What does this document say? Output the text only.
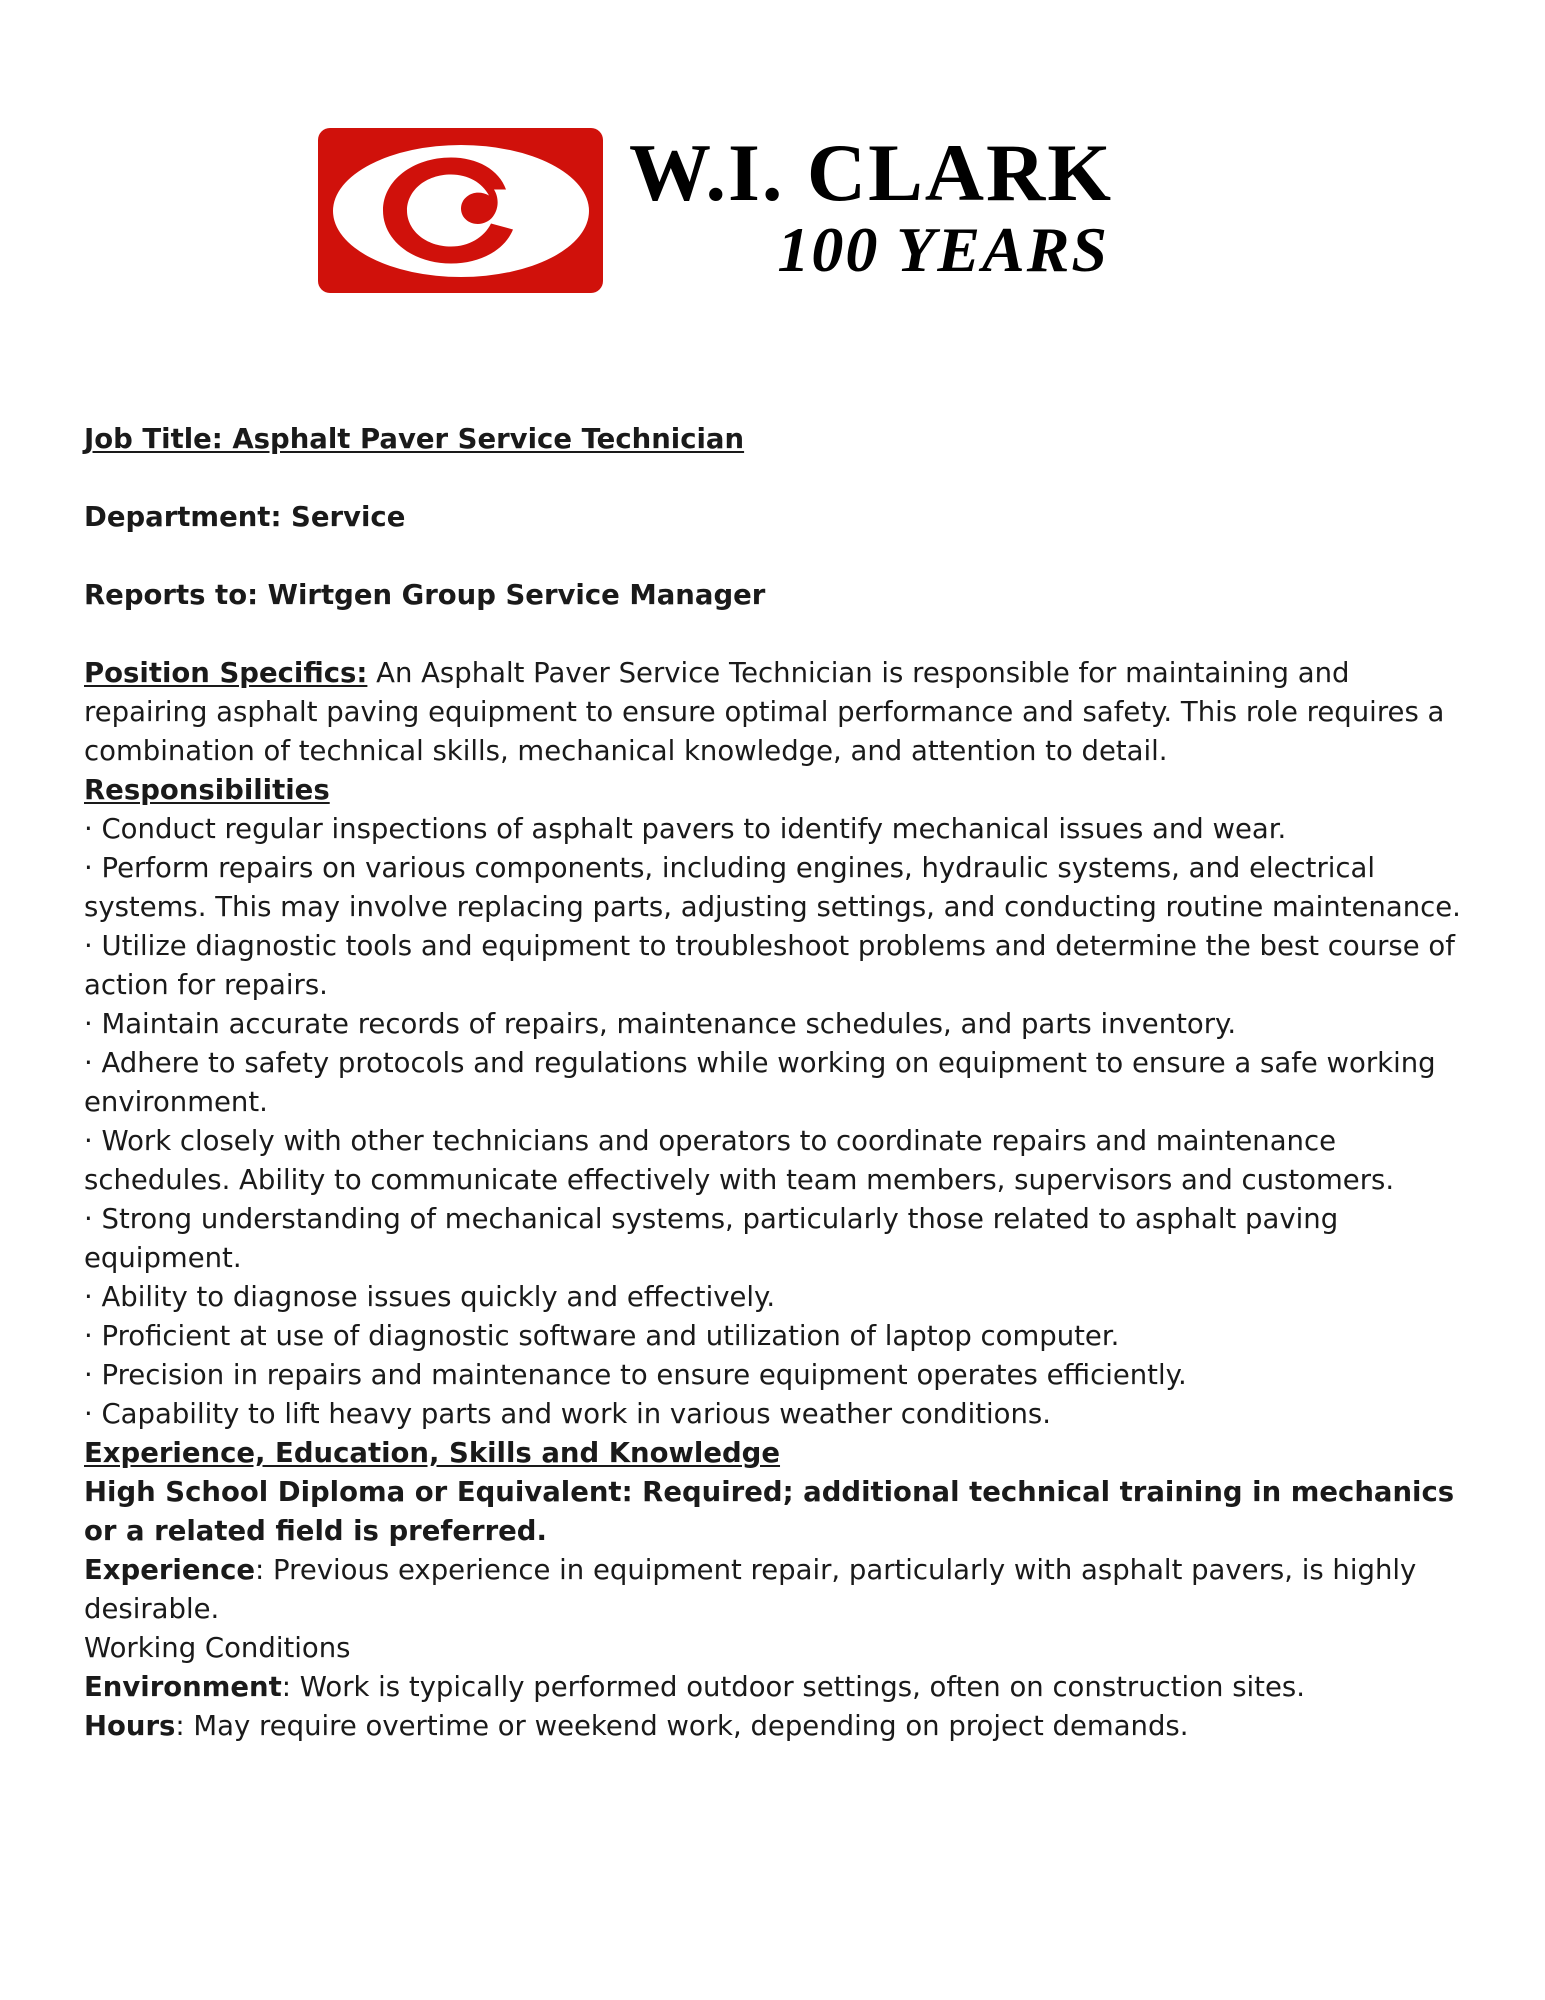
W.I. CLARK
100 YEARS

Job Title: Asphalt Paver Service Technician

Department: Service

Reports to: Wirtgen Group Service Manager

Position Specifics: An Asphalt Paver Service Technician is responsible for maintaining and repairing asphalt paving equipment to ensure optimal performance and safety. This role requires a combination of technical skills, mechanical knowledge, and attention to detail.

Responsibilities

· Conduct regular inspections of asphalt pavers to identify mechanical issues and wear.

· Perform repairs on various components, including engines, hydraulic systems, and electrical systems. This may involve replacing parts, adjusting settings, and conducting routine maintenance.

· Utilize diagnostic tools and equipment to troubleshoot problems and determine the best course of action for repairs.

· Maintain accurate records of repairs, maintenance schedules, and parts inventory.

· Adhere to safety protocols and regulations while working on equipment to ensure a safe working environment.

· Work closely with other technicians and operators to coordinate repairs and maintenance schedules. Ability to communicate effectively with team members, supervisors and customers.

· Strong understanding of mechanical systems, particularly those related to asphalt paving equipment.

· Ability to diagnose issues quickly and effectively.

· Proficient at use of diagnostic software and utilization of laptop computer.

· Precision in repairs and maintenance to ensure equipment operates efficiently.

· Capability to lift heavy parts and work in various weather conditions.

Experience, Education, Skills and Knowledge

High School Diploma or Equivalent: Required; additional technical training in mechanics or a related field is preferred.

Experience: Previous experience in equipment repair, particularly with asphalt pavers, is highly desirable.

Working Conditions

Environment: Work is typically performed outdoor settings, often on construction sites.

Hours: May require overtime or weekend work, depending on project demands.
